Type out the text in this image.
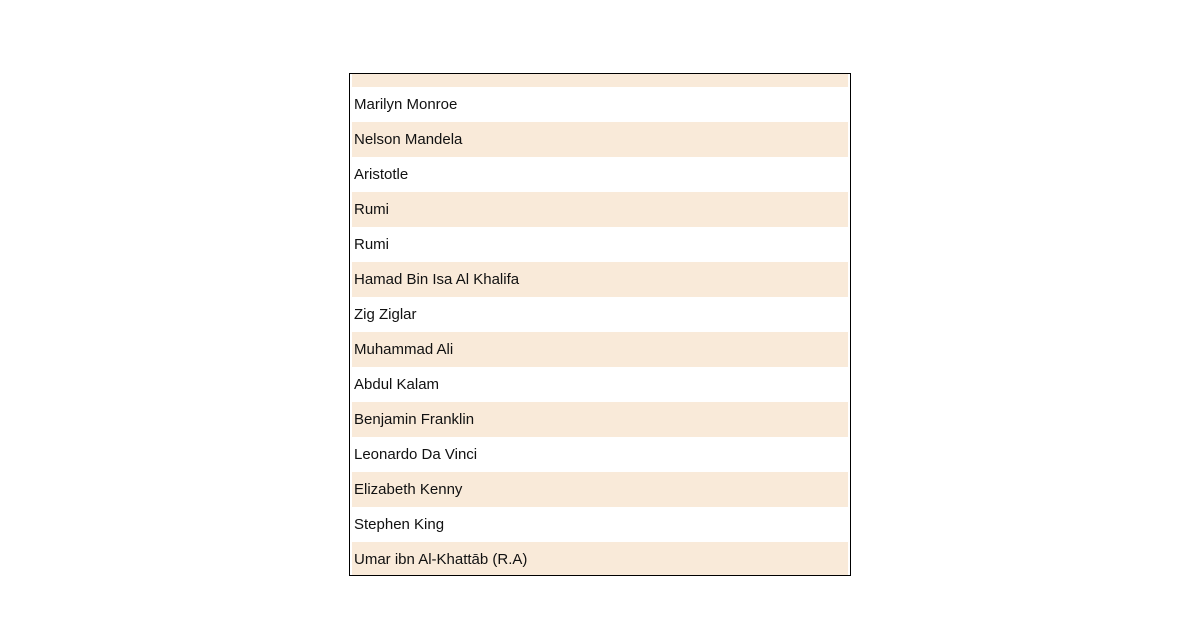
Marilyn Monroe
Nelson Mandela
Aristotle
Rumi
Rumi
Hamad Bin Isa Al Khalifa
Zig Ziglar
Muhammad Ali
Abdul Kalam
Benjamin Franklin
Leonardo Da Vinci
Elizabeth Kenny
Stephen King
Umar ibn Al-Khattāb (R.A)
